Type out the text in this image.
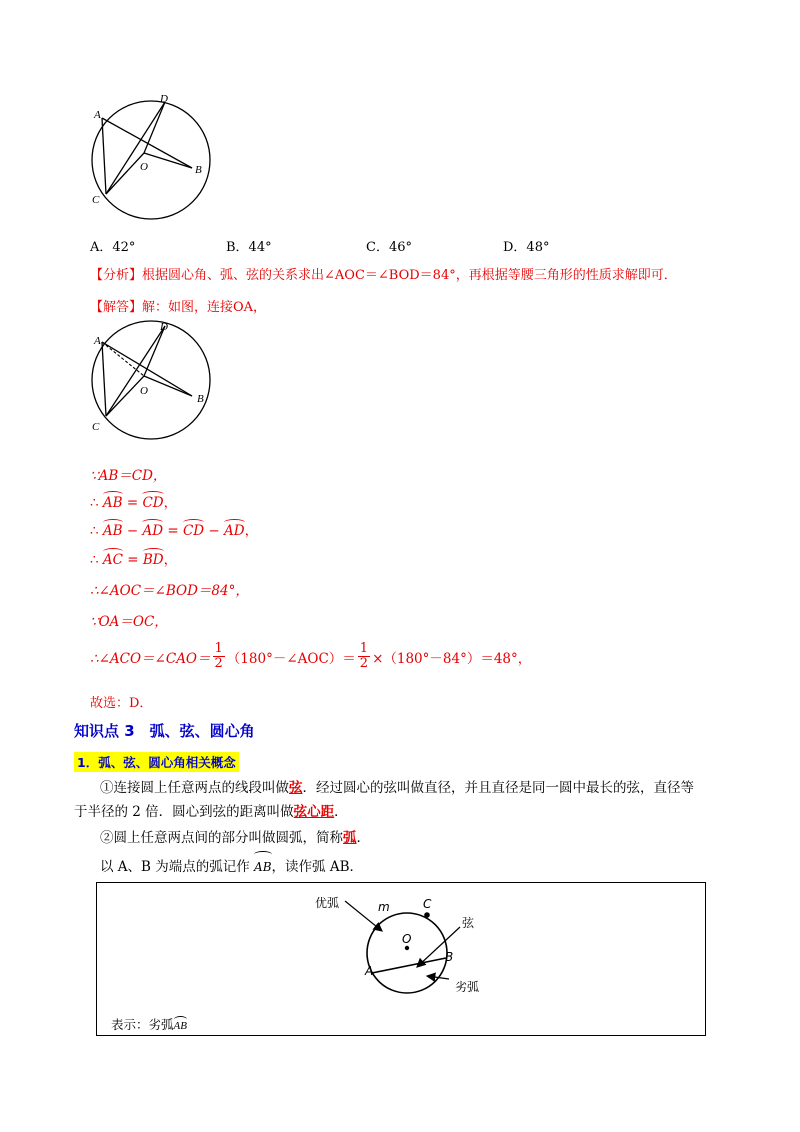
A
D
O	B
C
A．42°	B．44°	C．46°	D．48°
【分析】根据圆心角、弧、弦的关系求出∠AOC＝∠BOD＝84°，再根据等腰三角形的性质求解即可．
【解答】解：如图，连接OA，
A
D
O
B
C
∵AB＝CD，
∴ AB = CD，
∴ AB − AD = CD − AD，
∴ AC = BD，
∴∠AOC＝∠BOD＝84°，
∵OA＝OC，
∴∠ACO＝∠CAO＝ $\frac{1}{2}$ （180°－∠AOC）＝ $\frac{1}{2} \times(180^\circ-84^\circ)=48^\circ$，
故选：D．
知识点 3　弧、弦、圆心角
1．弧、弦、圆心角相关概念
①连接圆上任意两点的线段叫做弦．经过圆心的弦叫做直径，并且直径是同一圆中最长的弦，直径等
于半径的 2 倍．圆心到弦的距离叫做弦心距．
②圆上任意两点间的部分叫做圆弧，简称弧．
以 A、B 为端点的弧记作 AB，读作弧 AB．
优弧	m	C
弦
O
B
A
劣弧
表示：劣弧AB
